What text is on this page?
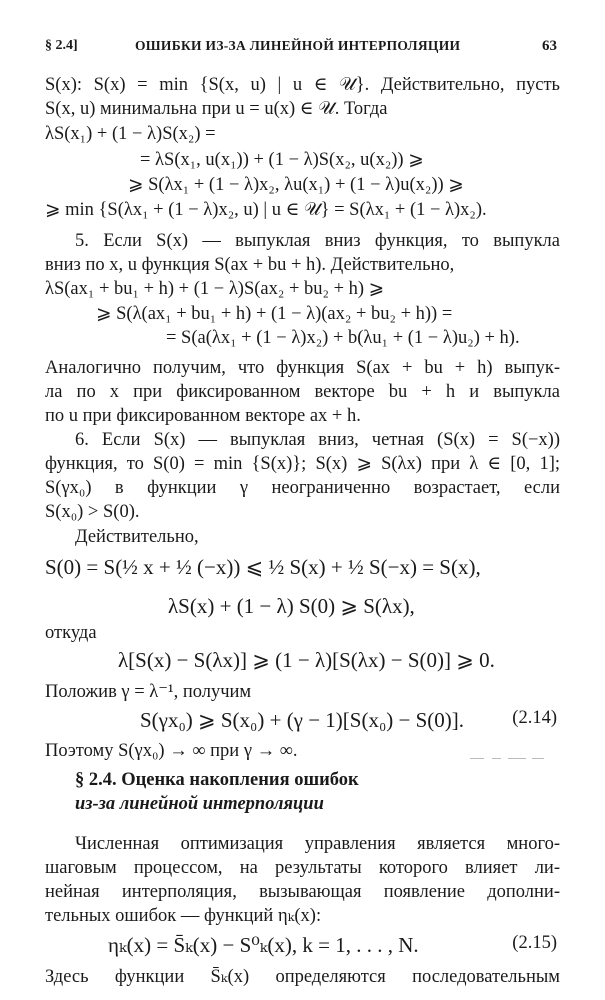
§ 2.4]	ОШИБКИ ИЗ-ЗА ЛИНЕЙНОЙ ИНТЕРПОЛЯЦИИ	63
S(x): S(x) = min {S(x, u) | u ∈ 𝒰}. Действительно, пусть
S(x, u) минимальна при u = u(x) ∈ 𝒰. Тогда
λS(x₁) + (1 − λ)S(x₂) =
= λS(x₁, u(x₁)) + (1 − λ)S(x₂, u(x₂)) ⩾
⩾ S(λx₁ + (1 − λ)x₂, λu(x₁) + (1 − λ)u(x₂)) ⩾
⩾ min {S(λx₁ + (1 − λ)x₂, u) | u ∈ 𝒰} = S(λx₁ + (1 − λ)x₂).
5. Если S(x) — выпуклая вниз функция, то выпукла
вниз по x, u функция S(ax + bu + h). Действительно,
λS(ax₁ + bu₁ + h) + (1 − λ)S(ax₂ + bu₂ + h) ⩾
⩾ S(λ(ax₁ + bu₁ + h) + (1 − λ)(ax₂ + bu₂ + h)) =
= S(a(λx₁ + (1 − λ)x₂) + b(λu₁ + (1 − λ)u₂) + h).
Аналогично получим, что функция S(ax + bu + h) выпук-
ла по x при фиксированном векторе bu + h и выпукла
по u при фиксированном векторе ax + h.
6. Если S(x) — выпуклая вниз, четная (S(x) = S(−x))
функция, то S(0) = min {S(x)}; S(x) ⩾ S(λx) при λ ∈ [0, 1];
S(γx₀) в функции γ неограниченно возрастает, если
S(x₀) > S(0).
Действительно,
S(0) = S(½ x + ½ (−x)) ⩽ ½ S(x) + ½ S(−x) = S(x),
λS(x) + (1 − λ) S(0) ⩾ S(λx),
откуда
λ[S(x) − S(λx)] ⩾ (1 − λ)[S(λx) − S(0)] ⩾ 0.
Положив γ = λ⁻¹, получим
S(γx₀) ⩾ S(x₀) + (γ − 1)[S(x₀) − S(0)].	(2.14)
Поэтому S(γx₀) → ∞ при γ → ∞.
§ 2.4. Оценка накопления ошибок
из-за линейной интерполяции
Численная оптимизация управления является много-
шаговым процессом, на результаты которого влияет ли-
нейная интерполяция, вызывающая появление дополни-
тельных ошибок — функций ηₖ(x):
ηₖ(x) = S̄ₖ(x) − S⁰ₖ(x), k = 1, . . . , N.	(2.15)
Здесь функции S̄ₖ(x) определяются последовательным
